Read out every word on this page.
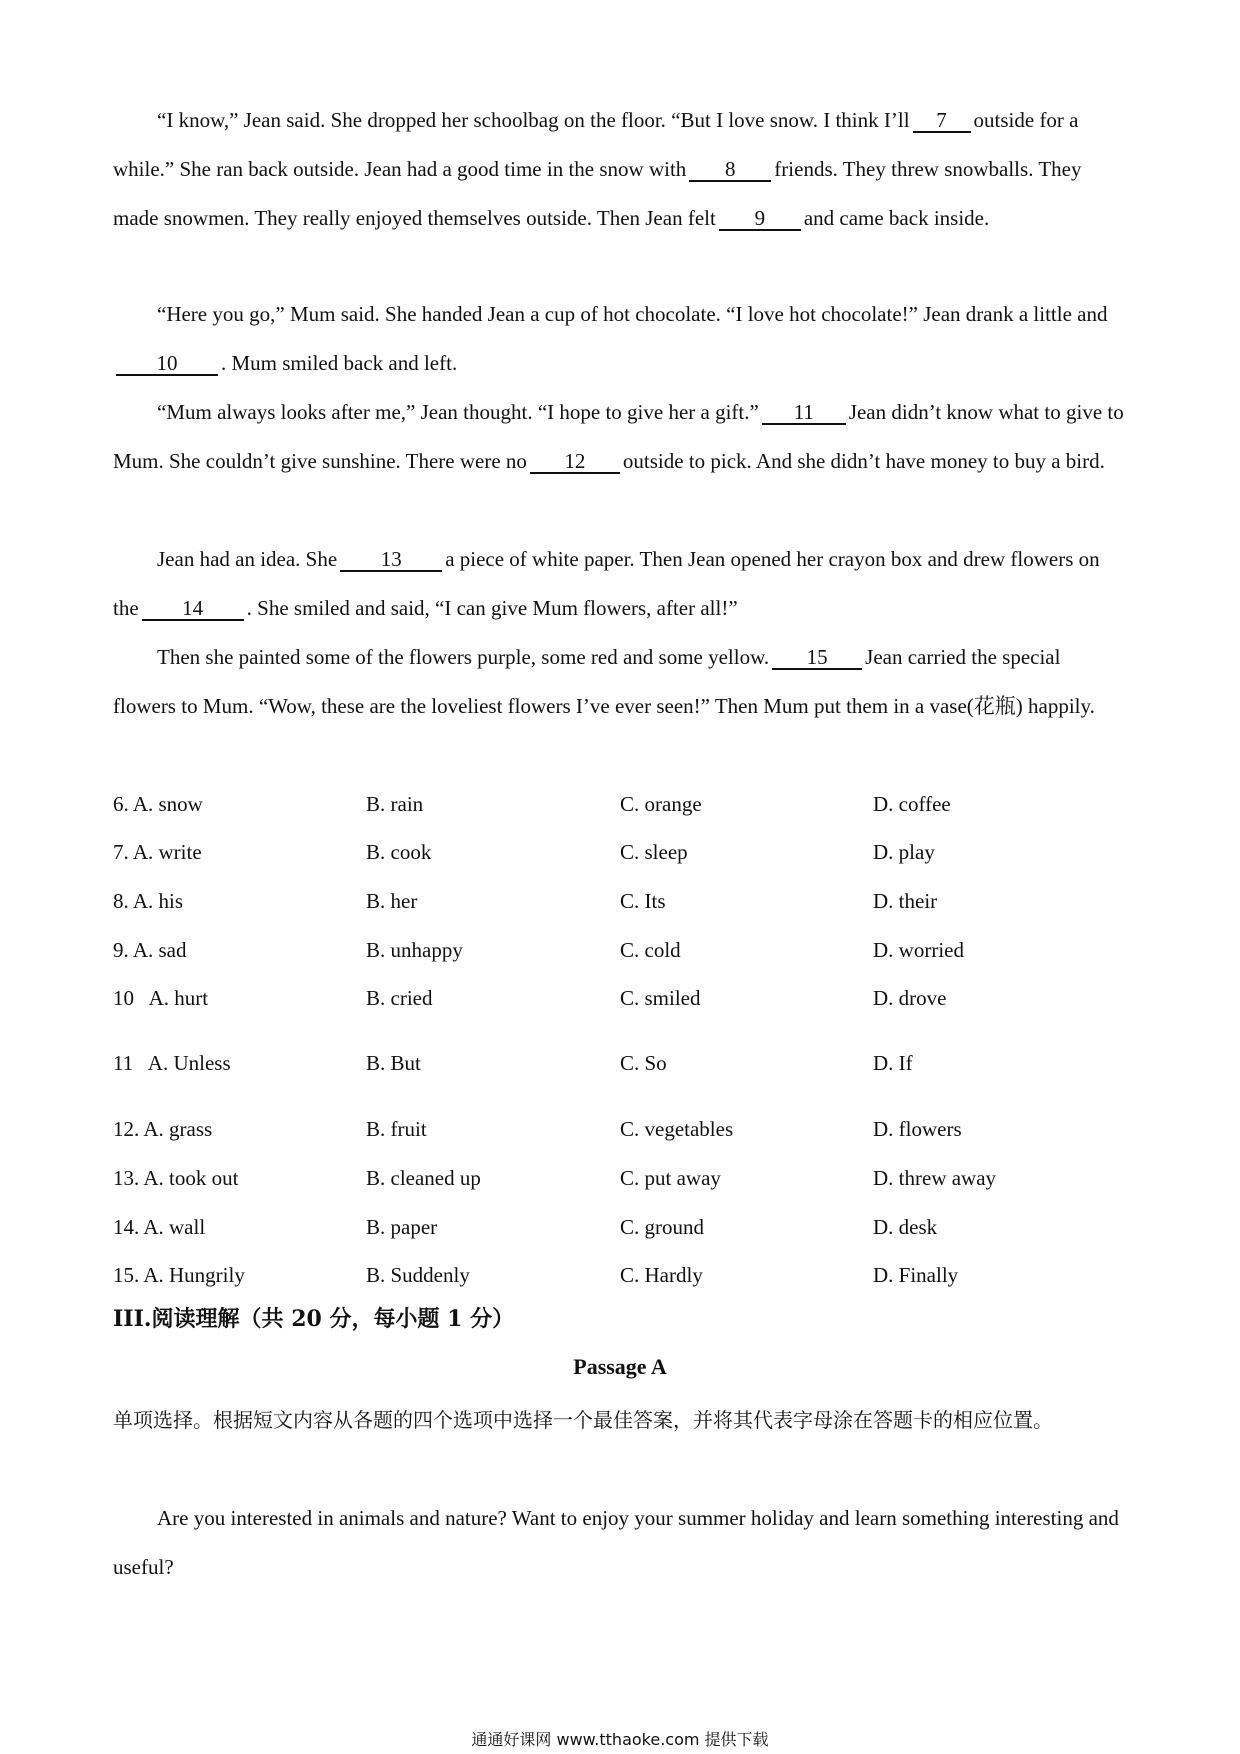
“I know,” Jean said. She dropped her schoolbag on the floor. “But I love snow. I think I’ll 7 outside for a while.” She ran back outside. Jean had a good time in the snow with 8 friends. They threw snowballs. They made snowmen. They really enjoyed themselves outside. Then Jean felt 9 and came back inside.

“Here you go,” Mum said. She handed Jean a cup of hot chocolate. “I love hot chocolate!” Jean drank a little and10 . Mum smiled back and left.

“Mum always looks after me,” Jean thought. “I hope to give her a gift.” 11 Jean didn’t know what to give to Mum. She couldn’t give sunshine. There were no 12 outside to pick. And she didn’t have money to buy a bird.

Jean had an idea. She 13 a piece of white paper. Then Jean opened her crayon box and drew flowers on the 14 . She smiled and said, “I can give Mum flowers, after all!”

Then she painted some of the flowers purple, some red and some yellow. 15 Jean carried the special flowers to Mum. “Wow, these are the loveliest flowers I’ve ever seen!” Then Mum put them in a vase(花瓶) happily.

6. A. snow	B. rain	C. orange	D. coffee
7. A. write	B. cook	C. sleep	D. play
8. A. his	B. her	C. Its	D. their
9. A. sad	B. unhappy	C. cold	D. worried
10   A. hurt	B. cried	C. smiled	D. drove
11   A. Unless	B. But	C. So	D. If
12. A. grass	B. fruit	C. vegetables	D. flowers
13. A. took out	B. cleaned up	C. put away	D. threw away
14. A. wall	B. paper	C. ground	D. desk
15. A. Hungrily	B. Suddenly	C. Hardly	D. Finally
III.阅读理解（共 20 分，每小题 1 分）
Passage A
单项选择。根据短文内容从各题的四个选项中选择一个最佳答案，并将其代表字母涂在答题卡的相应位置。

Are you interested in animals and nature? Want to enjoy your summer holiday and learn something interesting and useful?

通通好课网 www.tthaoke.com 提供下载
